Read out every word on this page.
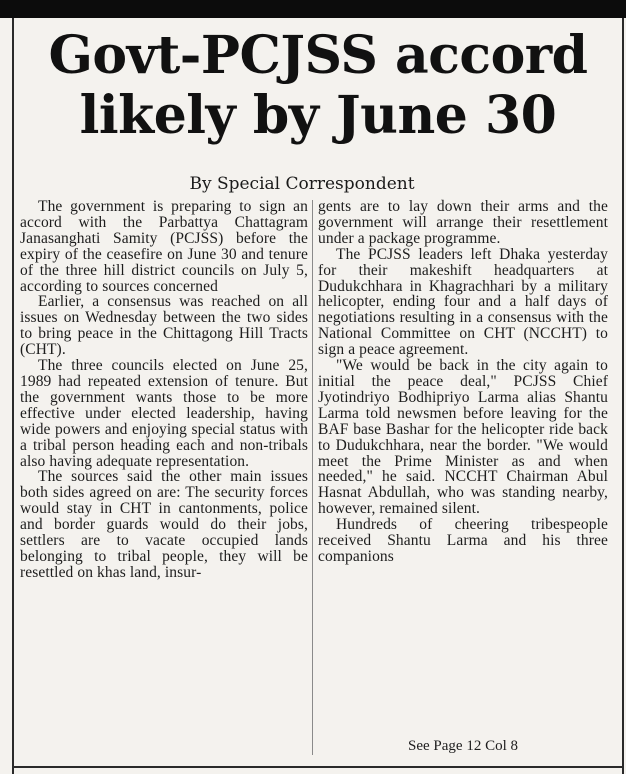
Govt-PCJSS accord
likely by June 30
By Special Correspondent

The government is preparing to sign an accord with the Parbattya Chattagram Janasanghati Samity (PCJSS) before the expiry of the ceasefire on June 30 and tenure of the three hill district councils on July 5, according to sources concerned

Earlier, a consensus was reached on all issues on Wednesday between the two sides to bring peace in the Chittagong Hill Tracts (CHT).

The three councils elected on June 25, 1989 had repeated extension of tenure. But the government wants those to be more effective under elected leadership, having wide powers and enjoying special status with a tribal person heading each and non-tribals also having adequate representation.

The sources said the other main issues both sides agreed on are: The security forces would stay in CHT in cantonments, police and border guards would do their jobs, settlers are to vacate occupied lands belonging to tribal people, they will be resettled on khas land, insur-

gents are to lay down their arms and the government will arrange their resettlement under a package programme.

The PCJSS leaders left Dhaka yesterday for their makeshift headquarters at Dudukchhara in Khagrachhari by a military helicopter, ending four and a half days of negotiations resulting in a consensus with the National Committee on CHT (NCCHT) to sign a peace agreement.

"We would be back in the city again to initial the peace deal," PCJSS Chief Jyotindriyo Bodhipriyo Larma alias Shantu Larma told newsmen before leaving for the BAF base Bashar for the helicopter ride back to Dudukchhara, near the border. "We would meet the Prime Minister as and when needed," he said. NCCHT Chairman Abul Hasnat Abdullah, who was standing nearby, however, remained silent.

Hundreds of cheering tribespeople received Shantu Larma and his three companions

See Page 12 Col 8
